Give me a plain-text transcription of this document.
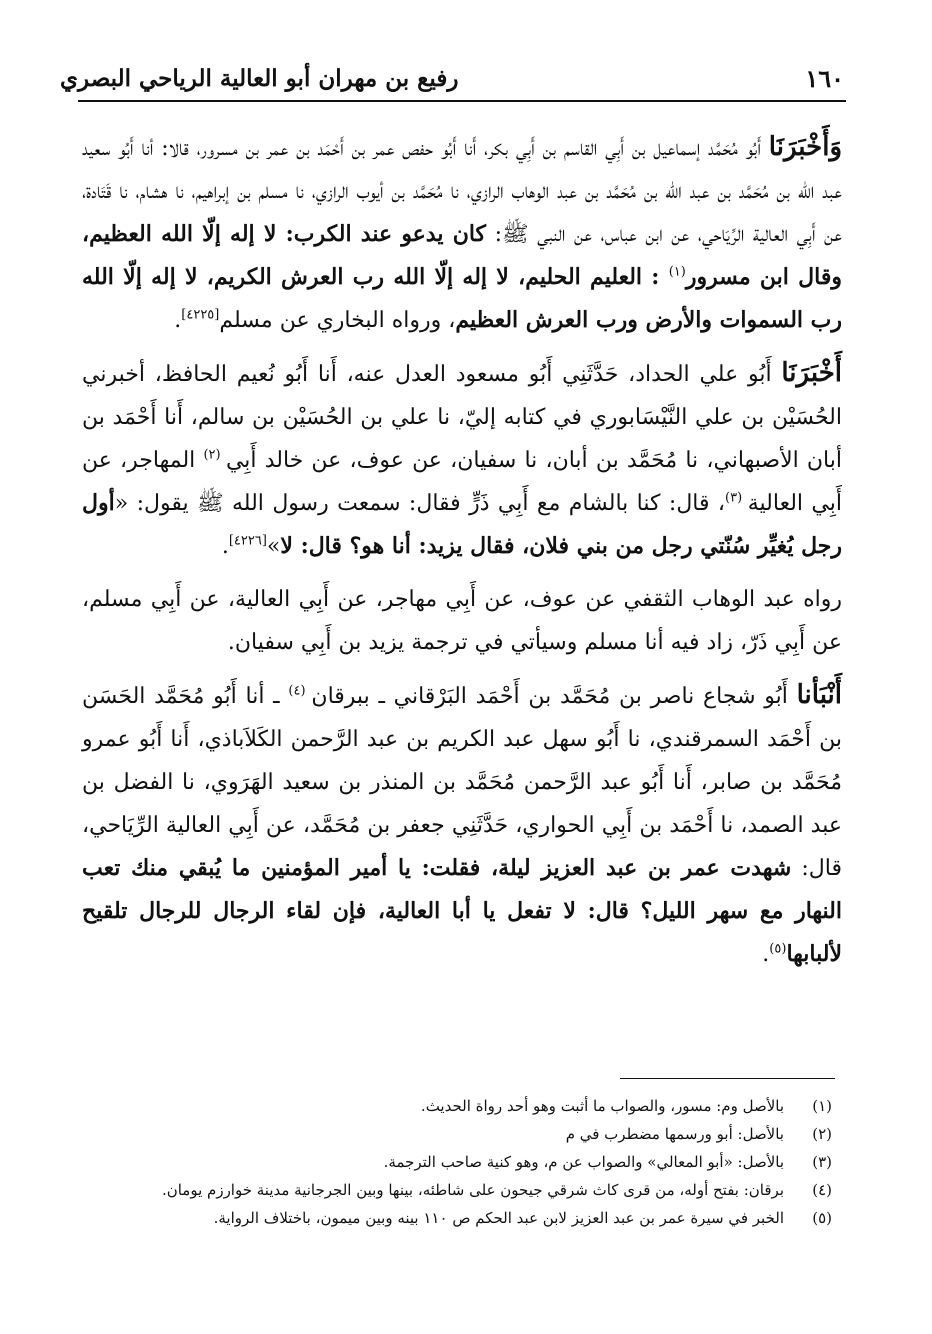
١٦٠
رفيع بن مهران أبو العالية الرياحي البصري

وَأَخْبَرَنَا أَبُو مُحَمَّد إسماعيل بن أَبِي القاسم بن أَبِي بكر، أَنا أَبُو حفص عمر بن أَحْمَد بن عمر بن مسرور، قالا: أنا أَبُو سعيد عبد اللّه بن مُحَمَّد بن عبد اللّه بن مُحَمَّد بن عبد الوهاب الرازي، نا مُحَمَّد بن أيوب الرازي، نا مسلم بن إبراهيم، نا هشام، نا قَتَادة، عن أَبِي العالية الرِّيَاحي، عن ابن عباس، عن النبي ﷺ: كان يدعو عند الكرب: لا إله إلّا الله العظيم، وقال ابن مسرور$^{(١)}$ : العليم الحليم، لا إله إلّا الله رب العرش الكريم، لا إله إلّا الله رب السموات والأرض ورب العرش العظيم، ورواه البخاري عن مسلم[٤٢٢٥].

أَخْبَرَنَا أَبُو علي الحداد، حَدَّثَنِي أَبُو مسعود العدل عنه، أَنا أَبُو نُعيم الحافظ، أخبرني الحُسَيْن بن علي النَّيْسَابوري في كتابه إليّ، نا علي بن الحُسَيْن بن سالم، أَنا أَحْمَد بن أبان الأصبهاني، نا مُحَمَّد بن أبان، نا سفيان، عن عوف، عن خالد أَبِي $^{(٢)}$ المهاجر، عن أَبِي العالية $^{(٣)}$، قال: كنا بالشام مع أَبِي ذَرٍّ فقال: سمعت رسول الله ﷺ يقول: «أول رجل يُغيِّر سُنّتي رجل من بني فلان، فقال يزيد: أنا هو؟ قال: لا»[٤٢٢٦].

رواه عبد الوهاب الثقفي عن عوف، عن أَبِي مهاجر، عن أَبِي العالية، عن أَبِي مسلم، عن أَبِي ذَرّ، زاد فيه أنا مسلم وسيأتي في ترجمة يزيد بن أَبِي سفيان.

أَنْبَأنا أَبُو شجاع ناصر بن مُحَمَّد بن أَحْمَد البَرْقاني ـ ببرقان $^{(٤)}$ ـ أنا أَبُو مُحَمَّد الحَسَن بن أَحْمَد السمرقندي، نا أَبُو سهل عبد الكريم بن عبد الرَّحمن الكَلاَباذي، أَنا أَبُو عمرو مُحَمَّد بن صابر، أَنا أَبُو عبد الرَّحمن مُحَمَّد بن المنذر بن سعيد الهَرَوي، نا الفضل بن عبد الصمد، نا أَحْمَد بن أَبِي الحواري، حَدَّثَنِي جعفر بن مُحَمَّد، عن أَبِي العالية الرِّيَاحي، قال: شهدت عمر بن عبد العزيز ليلة، فقلت: يا أمير المؤمنين ما يُبقي منك تعب النهار مع سهر الليل؟ قال: لا تفعل يا أبا العالية، فإن لقاء الرجال للرجال تلقيح لألبابها$^{(٥)}$.

(١)
بالأصل وم: مسور، والصواب ما أثبت وهو أحد رواة الحديث.
(٢)
بالأصل: أبو ورسمها مضطرب في م
(٣)
بالأصل: «أبو المعالي» والصواب عن م، وهو كنية صاحب الترجمة.
(٤)
برقان: بفتح أوله، من قرى كاث شرقي جيحون على شاطئه، بينها وبين الجرجانية مدينة خوارزم يومان.
(٥)
الخبر في سيرة عمر بن عبد العزيز لابن عبد الحكم ص ١١٠ بينه وبين ميمون، باختلاف الرواية.
